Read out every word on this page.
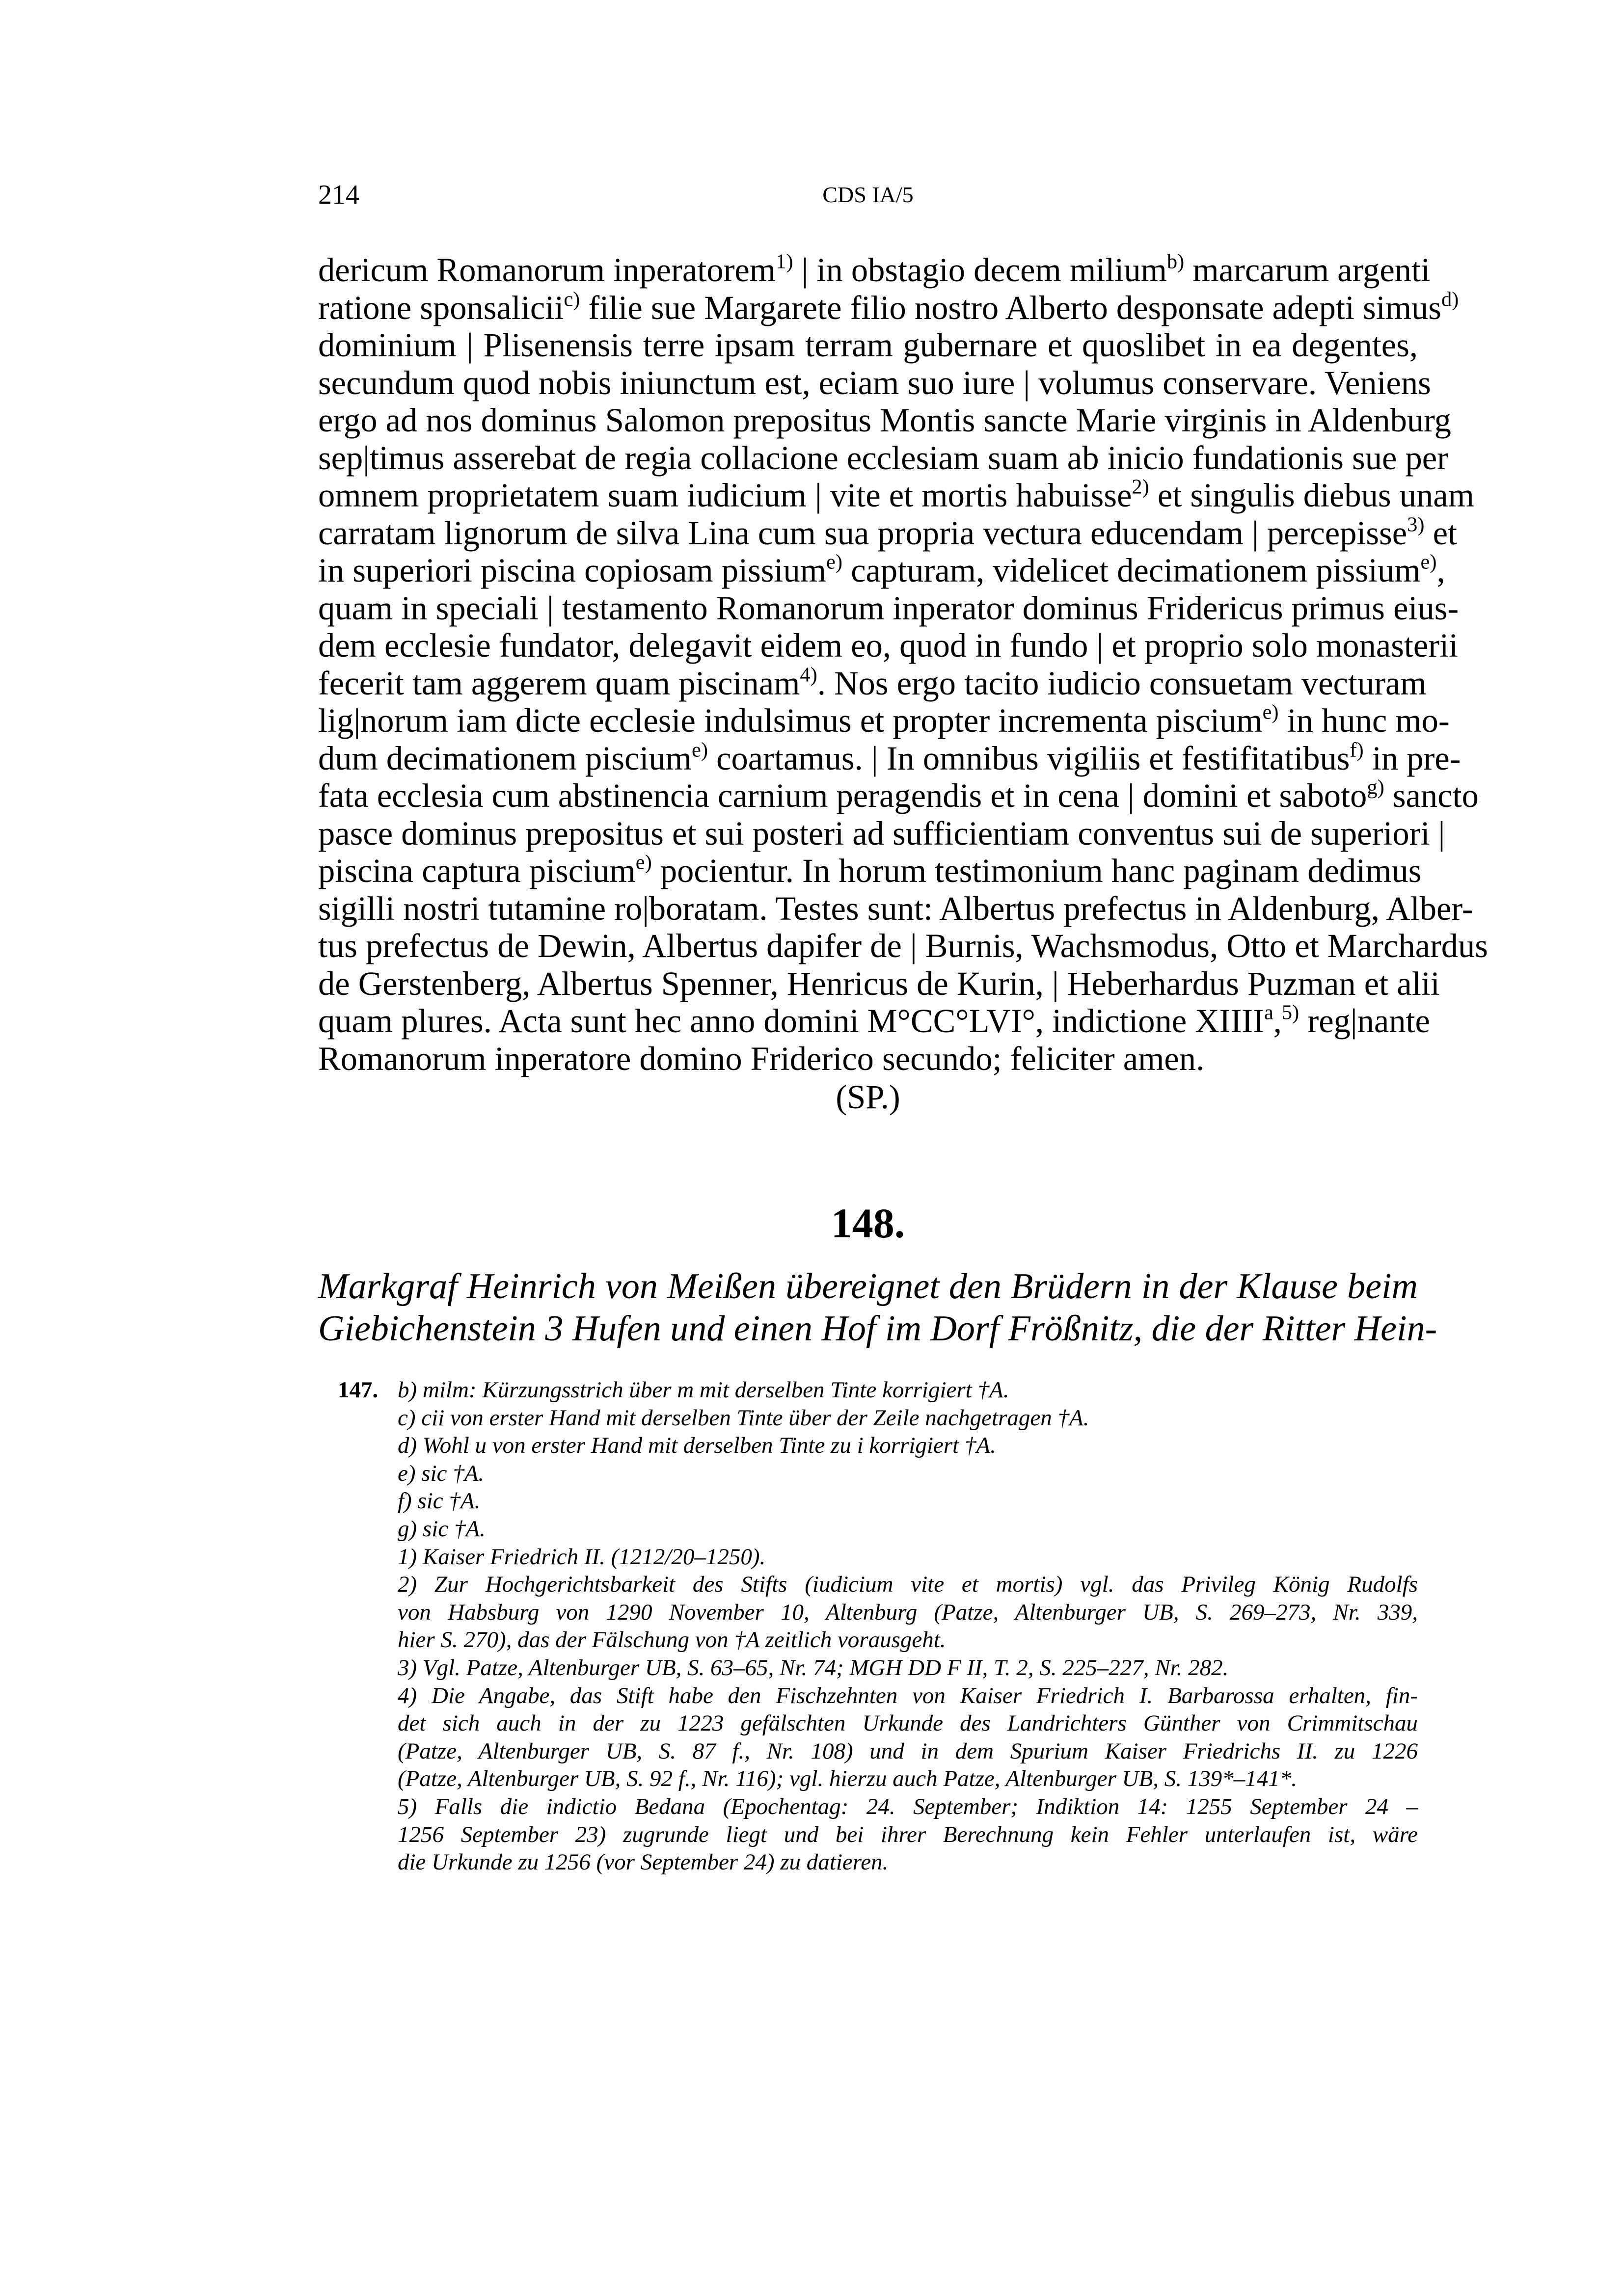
214	CDS IA/5
dericum Romanorum inperatorem$^{1)}$ | in obstagio decem milium$^{b)}$ marcarum argenti
ratione sponsalicii$^{c)}$ filie sue Margarete filio nostro Alberto desponsate adepti simus$^{d)}$
dominium | Plisenensis terre ipsam terram gubernare et quoslibet in ea degentes,
secundum quod nobis iniunctum est, eciam suo iure | volumus conservare. Veniens
ergo ad nos dominus Salomon prepositus Montis sancte Marie virginis in Aldenburg
sep|timus asserebat de regia collacione ecclesiam suam ab inicio fundationis sue per
omnem proprietatem suam iudicium | vite et mortis habuisse$^{2)}$ et singulis diebus unam
carratam lignorum de silva Lina cum sua propria vectura educendam | percepisse$^{3)}$ et
in superiori piscina copiosam pissium$^{e)}$ capturam, videlicet decimationem pissium$^{e)}$,
quam in speciali | testamento Romanorum inperator dominus Fridericus primus eius-
dem ecclesie fundator, delegavit eidem eo, quod in fundo | et proprio solo monasterii
fecerit tam aggerem quam piscinam$^{4)}$. Nos ergo tacito iudicio consuetam vecturam
lig|norum iam dicte ecclesie indulsimus et propter incrementa piscium$^{e)}$ in hunc mo-
dum decimationem piscium$^{e)}$ coartamus. | In omnibus vigiliis et festifitatibus$^{f)}$ in pre-
fata ecclesia cum abstinencia carnium peragendis et in cena | domini et saboto$^{g)}$ sancto
pasce dominus prepositus et sui posteri ad sufficientiam conventus sui de superiori |
piscina captura piscium$^{e)}$ pocientur. In horum testimonium hanc paginam dedimus
sigilli nostri tutamine ro|boratam. Testes sunt: Albertus prefectus in Aldenburg, Alber-
tus prefectus de Dewin, Albertus dapifer de | Burnis, Wachsmodus, Otto et Marchardus
de Gerstenberg, Albertus Spenner, Henricus de Kurin, | Heberhardus Puzman et alii
quam plures. Acta sunt hec anno domini M°CC°LVI°, indictione XIIII$^a$,$^{5)}$ reg|nante
Romanorum inperatore domino Friderico secundo; feliciter amen.
(SP.)
148.
Markgraf Heinrich von Meißen übereignet den Brüdern in der Klause beim
Giebichenstein 3 Hufen und einen Hof im Dorf Frößnitz, die der Ritter Hein-
147. b) milm: Kürzungsstrich über m mit derselben Tinte korrigiert †A.
c) cii von erster Hand mit derselben Tinte über der Zeile nachgetragen †A.
d) Wohl u von erster Hand mit derselben Tinte zu i korrigiert †A.
e) sic †A.
f) sic †A.
g) sic †A.
1) Kaiser Friedrich II. (1212/20–1250).
2) Zur Hochgerichtsbarkeit des Stifts (iudicium vite et mortis) vgl. das Privileg König Rudolfs
von Habsburg von 1290 November 10, Altenburg (Patze, Altenburger UB, S. 269–273, Nr. 339,
hier S. 270), das der Fälschung von †A zeitlich vorausgeht.
3) Vgl. Patze, Altenburger UB, S. 63–65, Nr. 74; MGH DD F II, T. 2, S. 225–227, Nr. 282.
4) Die Angabe, das Stift habe den Fischzehnten von Kaiser Friedrich I. Barbarossa erhalten, fin-
det sich auch in der zu 1223 gefälschten Urkunde des Landrichters Günther von Crimmitschau
(Patze, Altenburger UB, S. 87 f., Nr. 108) und in dem Spurium Kaiser Friedrichs II. zu 1226
(Patze, Altenburger UB, S. 92 f., Nr. 116); vgl. hierzu auch Patze, Altenburger UB, S. 139*–141*.
5) Falls die indictio Bedana (Epochentag: 24. September; Indiktion 14: 1255 September 24 –
1256 September 23) zugrunde liegt und bei ihrer Berechnung kein Fehler unterlaufen ist, wäre
die Urkunde zu 1256 (vor September 24) zu datieren.
